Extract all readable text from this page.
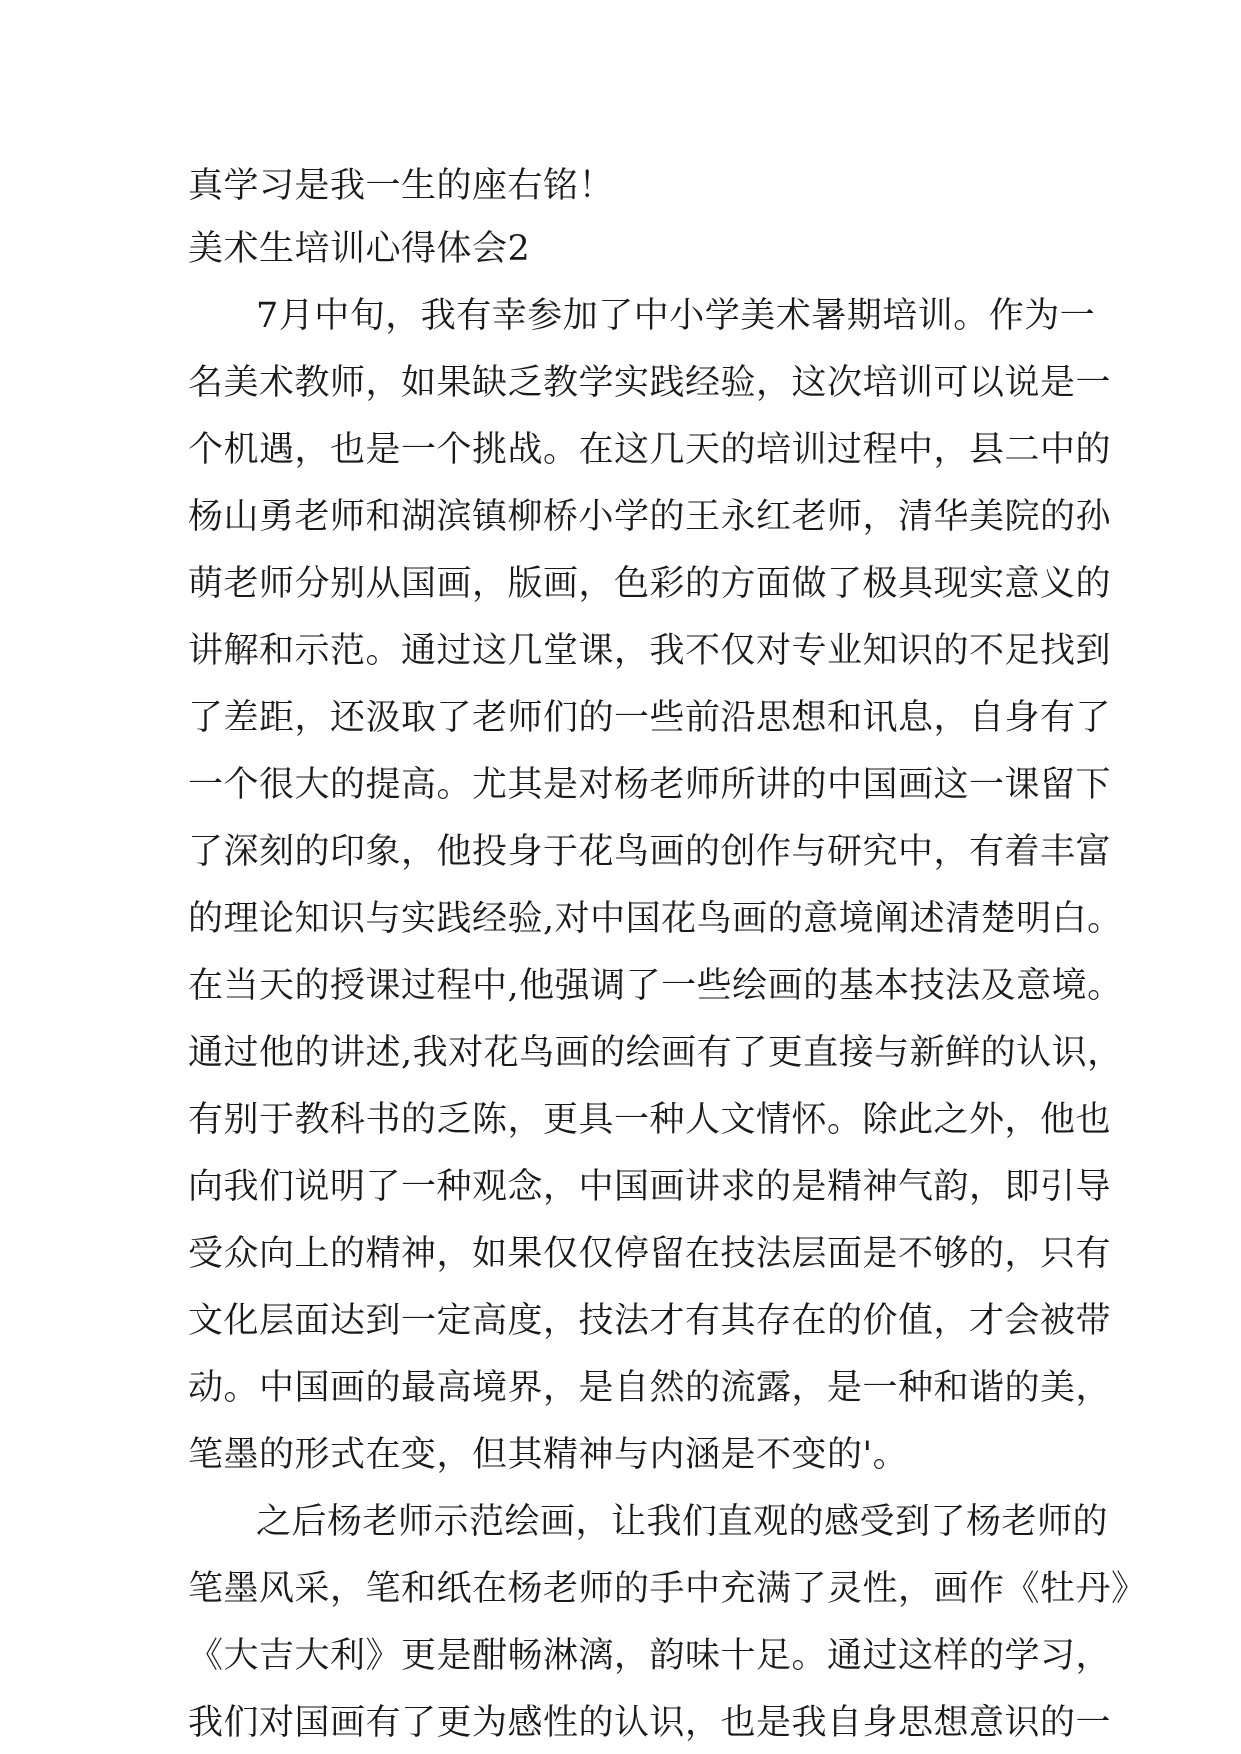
真学习是我一生的座右铭！
美术生培训心得体会2
7月中旬，我有幸参加了中小学美术暑期培训。作为一
名美术教师，如果缺乏教学实践经验，这次培训可以说是一
个机遇，也是一个挑战。在这几天的培训过程中，县二中的
杨山勇老师和湖滨镇柳桥小学的王永红老师，清华美院的孙
萌老师分别从国画，版画，色彩的方面做了极具现实意义的
讲解和示范。通过这几堂课，我不仅对专业知识的不足找到
了差距，还汲取了老师们的一些前沿思想和讯息，自身有了
一个很大的提高。尤其是对杨老师所讲的中国画这一课留下
了深刻的印象，他投身于花鸟画的创作与研究中，有着丰富
的理论知识与实践经验,对中国花鸟画的意境阐述清楚明白。
在当天的授课过程中,他强调了一些绘画的基本技法及意境。
通过他的讲述,我对花鸟画的绘画有了更直接与新鲜的认识，
有别于教科书的乏陈，更具一种人文情怀。除此之外，他也
向我们说明了一种观念，中国画讲求的是精神气韵，即引导
受众向上的精神，如果仅仅停留在技法层面是不够的，只有
文化层面达到一定高度，技法才有其存在的价值，才会被带
动。中国画的最高境界，是自然的流露，是一种和谐的美，
笔墨的形式在变，但其精神与内涵是不变的'。
之后杨老师示范绘画，让我们直观的感受到了杨老师的
笔墨风采，笔和纸在杨老师的手中充满了灵性，画作《牡丹》
《大吉大利》更是酣畅淋漓，韵味十足。通过这样的学习，
我们对国画有了更为感性的认识，也是我自身思想意识的一
